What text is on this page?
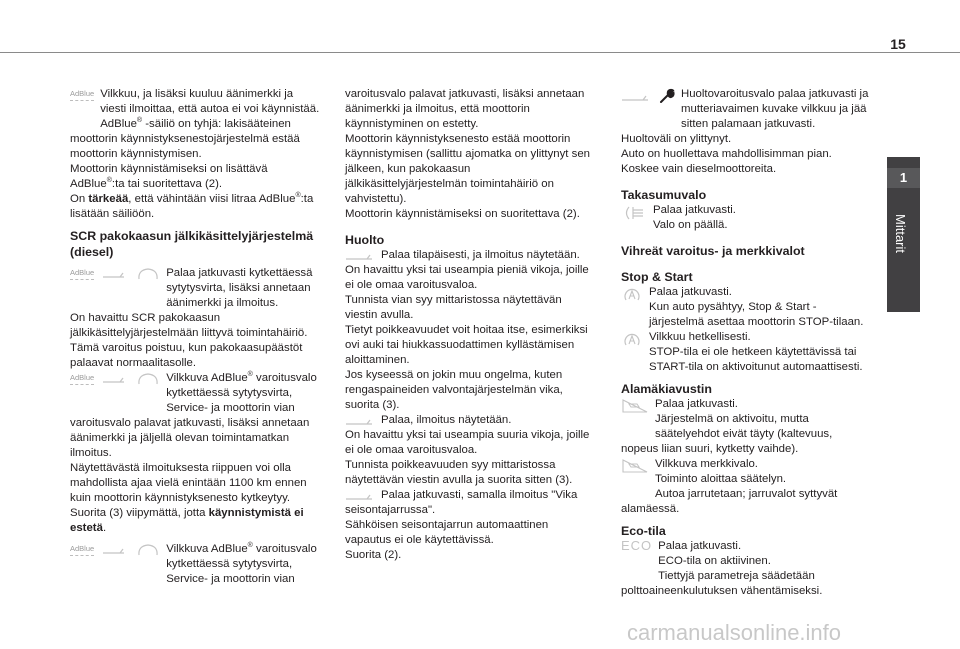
15
1
Mittarit
AdBlue Vilkkuu, ja lisäksi kuuluu äänimerkki ja viesti ilmoittaa, että autoa ei voi käynnistää.

AdBlue® -säiliö on tyhjä: lakisääteinen moottorin käynnistyksenestojärjestelmä estää moottorin käynnistymisen.

Moottorin käynnistämiseksi on lisättävä
AdBlue®:ta tai suoritettava (2).

On tärkeää, että vähintään viisi litraa AdBlue®:ta lisätään säiliöön.

SCR pakokaasun jälkikäsittelyjärjestelmä (diesel)
AdBlue	Palaa jatkuvasti kytkettäessä sytytysvirta, lisäksi annetaan äänimerkki ja ilmoitus.

On havaittu SCR pakokaasun jälkikäsittelyjärjestelmään liittyvä toimintahäiriö.

Tämä varoitus poistuu, kun pakokaasupäästöt palaavat normaalitasolle.

AdBlue	Vilkkuva AdBlue® varoitusvalo kytkettäessä sytytysvirta, Service- ja moottorin vian varoitusvalo palavat jatkuvasti, lisäksi annetaan äänimerkki ja jäljellä olevan toimintamatkan ilmoitus.

Näytettävästä ilmoituksesta riippuen voi olla mahdollista ajaa vielä enintään 1100 km ennen kuin moottorin käynnistyksenesto kytkeytyy.

Suorita (3) viipymättä, jotta käynnistymistä ei estetä.

AdBlue	Vilkkuva AdBlue® varoitusvalo kytkettäessä sytytysvirta, Service- ja moottorin vian

varoitusvalo palavat jatkuvasti, lisäksi annetaan äänimerkki ja ilmoitus, että moottorin käynnistyminen on estetty.

Moottorin käynnistyksenesto estää moottorin käynnistymisen (sallittu ajomatka on ylittynyt sen jälkeen, kun pakokaasun jälkikäsittelyjärjestelmän toimintahäiriö on vahvistettu).

Moottorin käynnistämiseksi on suoritettava (2).

Huolto

Palaa tilapäisesti, ja ilmoitus näytetään.

On havaittu yksi tai useampia pieniä vikoja, joille ei ole omaa varoitusvaloa.

Tunnista vian syy mittaristossa näytettävän viestin avulla.

Tietyt poikkeavuudet voit hoitaa itse, esimerkiksi ovi auki tai hiukkassuodattimen kyllästämisen aloittaminen.

Jos kyseessä on jokin muu ongelma, kuten rengaspaineiden valvontajärjestelmän vika, suorita (3).

Palaa, ilmoitus näytetään.

On havaittu yksi tai useampia suuria vikoja, joille ei ole omaa varoitusvaloa.

Tunnista poikkeavuuden syy mittaristossa näytettävän viestin avulla ja suorita sitten (3).

Palaa jatkuvasti, samalla ilmoitus "Vika seisontajarrussa".

Sähköisen seisontajarrun automaattinen vapautus ei ole käytettävissä.

Suorita (2).

Huoltovaroitusvalo palaa jatkuvasti ja mutteriavaimen kuvake vilkkuu ja jää sitten palamaan jatkuvasti.

Huoltoväli on ylittynyt.

Auto on huollettava mahdollisimman pian.

Koskee vain dieselmoottoreita.

Takasumuvalo

Palaa jatkuvasti.

Valo on päällä.

Vihreät varoitus- ja merkkivalot
Stop & Start

Palaa jatkuvasti.

Kun auto pysähtyy, Stop & Start -järjestelmä asettaa moottorin STOP-tilaan.

Vilkkuu hetkellisesti.

STOP-tila ei ole hetkeen käytettävissä tai START-tila on aktivoitunut automaattisesti.

Alamäkiavustin

Palaa jatkuvasti.

Järjestelmä on aktivoitu, mutta säätelyehdot eivät täyty (kaltevuus, nopeus liian suuri, kytketty vaihde).

Vilkkuva merkkivalo.

Toiminto aloittaa säätelyn.

Autoa jarrutetaan; jarruvalot syttyvät alamäessä.

Eco-tila
ECO Palaa jatkuvasti.

ECO-tila on aktiivinen.

Tiettyjä parametreja säädetään polttoaineenkulutuksen vähentämiseksi.

carmanualsonline.info
